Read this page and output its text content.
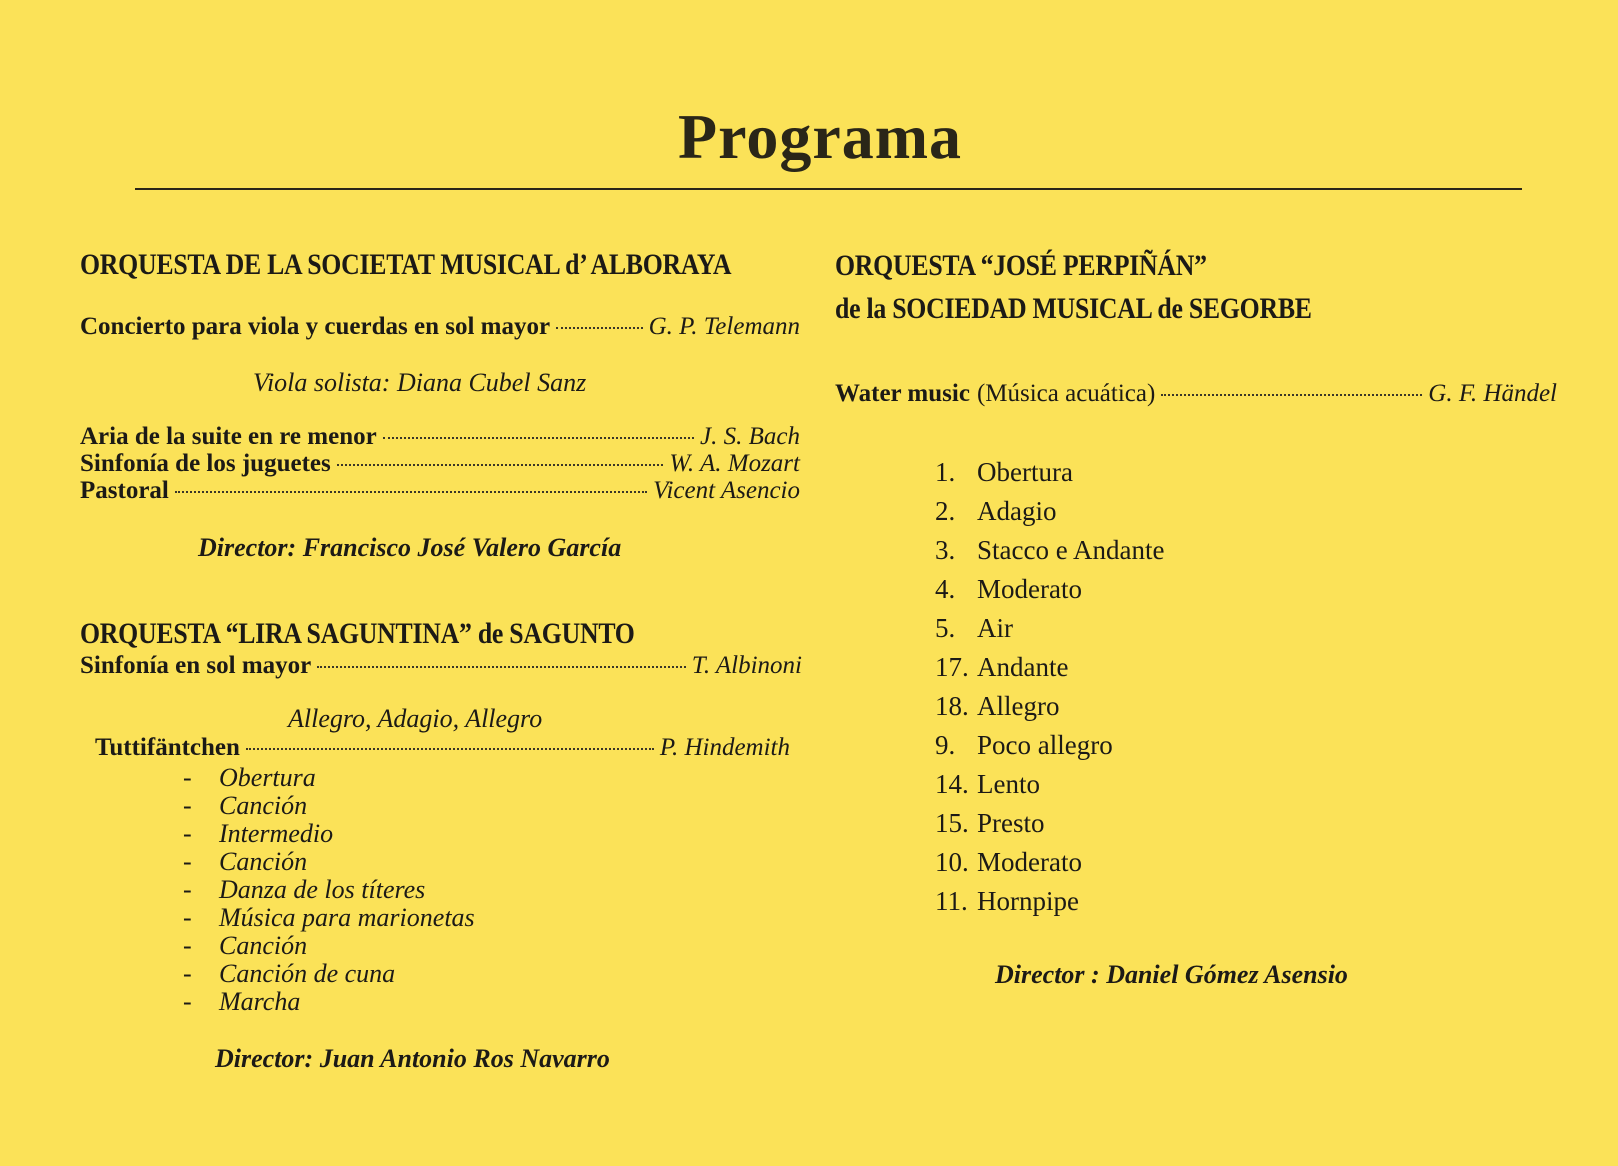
Programa
ORQUESTA DE LA SOCIETAT MUSICAL d’ ALBORAYA
Concierto para viola y cuerdas en sol mayor	G. P. Telemann
Viola solista: Diana Cubel Sanz
Aria de la suite en re menor	J. S. Bach
Sinfonía de los juguetes	W. A. Mozart
Pastoral	Vicent Asencio
Director: Francisco José Valero García
ORQUESTA “LIRA SAGUNTINA” de SAGUNTO
Sinfonía en sol mayor	T. Albinoni
Allegro, Adagio, Allegro
Tuttifäntchen	P. Hindemith
- Obertura
- Canción
- Intermedio
- Canción
- Danza de los títeres
- Música para marionetas
- Canción
- Canción de cuna
- Marcha
Director: Juan Antonio Ros Navarro
ORQUESTA “JOSÉ PERPIÑÁN”
de la SOCIEDAD MUSICAL de SEGORBE
Water music (Música acuática)	G. F. Händel
1. Obertura
2. Adagio
3. Stacco e Andante
4. Moderato
5. Air
17. Andante
18. Allegro
9. Poco allegro
14. Lento
15. Presto
10. Moderato
11. Hornpipe
Director : Daniel Gómez Asensio
